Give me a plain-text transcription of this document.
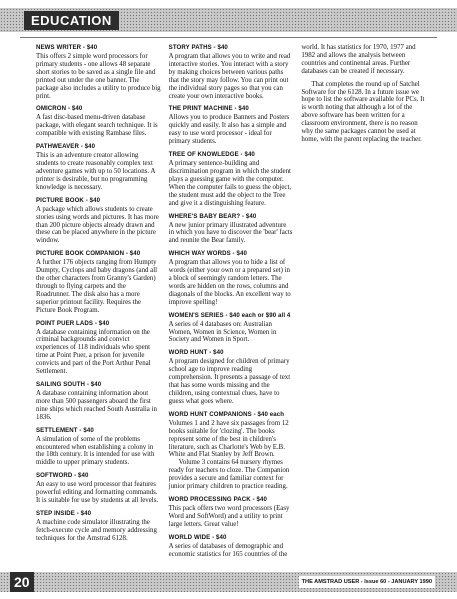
EDUCATION
NEWS WRITER - $40

This offers 2 simple word processors for primary students - one allows 48 separate short stories to be saved as a single file and printed out under the one banner. The package also includes a utility to produce big print.

OMICRON - $40

A fast disc-based menu-driven database package, with elegant search technique. It is compatible with existing Rambase files.

PATHWEAVER - $40

This is an adventure creator allowing students to create reasonably complex text adventure games with up to 50 locations. A printer is desirable, but no programming knowledge is necessary.

PICTURE BOOK - $40

A package which allows students to create stories using words and pictures. It has more than 200 picture objects already drawn and these can be placed anywhere in the picture window.

PICTURE BOOK COMPANION - $40

A further 176 objects ranging from Humpty Dumpty, Cyclops and baby dragons (and all the other characters from Granny's Garden) through to flying carpets and the Roadrunner. The disk also has a more superior printout facility. Requires the Picture Book Program.

POINT PUER LADS - $40

A database containing information on the criminal backgrounds and convict experiences of 118 individuals who spent time at Point Puer, a prison for juvenile convicts and part of the Port Arthur Penal Settlement.

SAILING SOUTH - $40

A database containing information about more than 500 passengers aboard the first nine ships which reached South Australia in 1836.

SETTLEMENT - $40

A simulation of some of the problems encountered when establishing a colony in the 18th century. It is intended for use with middle to upper primary students.

SOFTWORD - $40

An easy to use word processor that features powerful editing and formatting commands. It is suitable for use by students at all levels.

STEP INSIDE - $40

A machine code simulator illustrating the fetch-execute cycle and memory addressing techniques for the Amstrad 6128.

STORY PATHS - $40

A program that allows you to write and read interactive stories. You interact with a story by making choices between various paths that the story may follow. You can print out the individual story pages so that you can create your own interactive books.

THE PRINT MACHINE - $40

Allows you to produce Banners and Posters quickly and easily. It also has a simple and easy to use word processor - ideal for primary students.

TREE OF KNOWLEDGE - $40

A primary sentence-building and discrimination program in which the student plays a guessing game with the computer. When the computer fails to guess the object, the student must add the object to the Tree and give it a distinguishing feature.

WHERE'S BABY BEAR? - $40

A new junior primary illustrated adventure in which you have to discover the 'bear' facts and reunite the Bear family.

WHICH WAY WORDS - $40

A program that allows you to hide a list of words (either your own or a prepared set) in a block of seemingly random letters. The words are hidden on the rows, columns and diagonals of the blocks. An excellent way to improve spelling!

WOMEN'S SERIES - $40 each or $90 all 4

A series of 4 databases on: Australian Women, Women in Science, Women in Society and Women in Sport.

WORD HUNT - $40

A program designed for children of primary school age to improve reading comprehension. It presents a passage of text that has some words missing and the children, using contextual clues, have to guess what goes where.

WORD HUNT COMPANIONS - $40 each

Volumes 1 and 2 have six passages from 12 books suitable for 'clozing'. The books represent some of the best in children's literature, such as Charlotte's Web by E.B. White and Flat Stanley by Jeff Brown.

Volume 3 contains 64 nursery rhymes ready for teachers to cloze. The Companion provides a secure and familiar context for junior primary children to practice reading.

WORD PROCESSING PACK - $40

This pack offers two word processors (Easy Word and SoftWord) and a utility to print large letters. Great value!

WORLD WIDE - $40

A series of databases of demographic and economic statistics for 165 countries of the world. It has statistics for 1970, 1977 and 1982 and allows the analysis between countries and continental areas. Further databases can be created if necessary.

That completes the round up of Satchel Software for the 6128. In a future issue we hope to list the software available for PCs. It is worth noting that although a lot of the above software has been written for a classroom environment, there is no reason why the same packages cannot be used at home, with the parent replacing the teacher.

20	THE AMSTRAD USER - Issue 60 - JANUARY 1990
